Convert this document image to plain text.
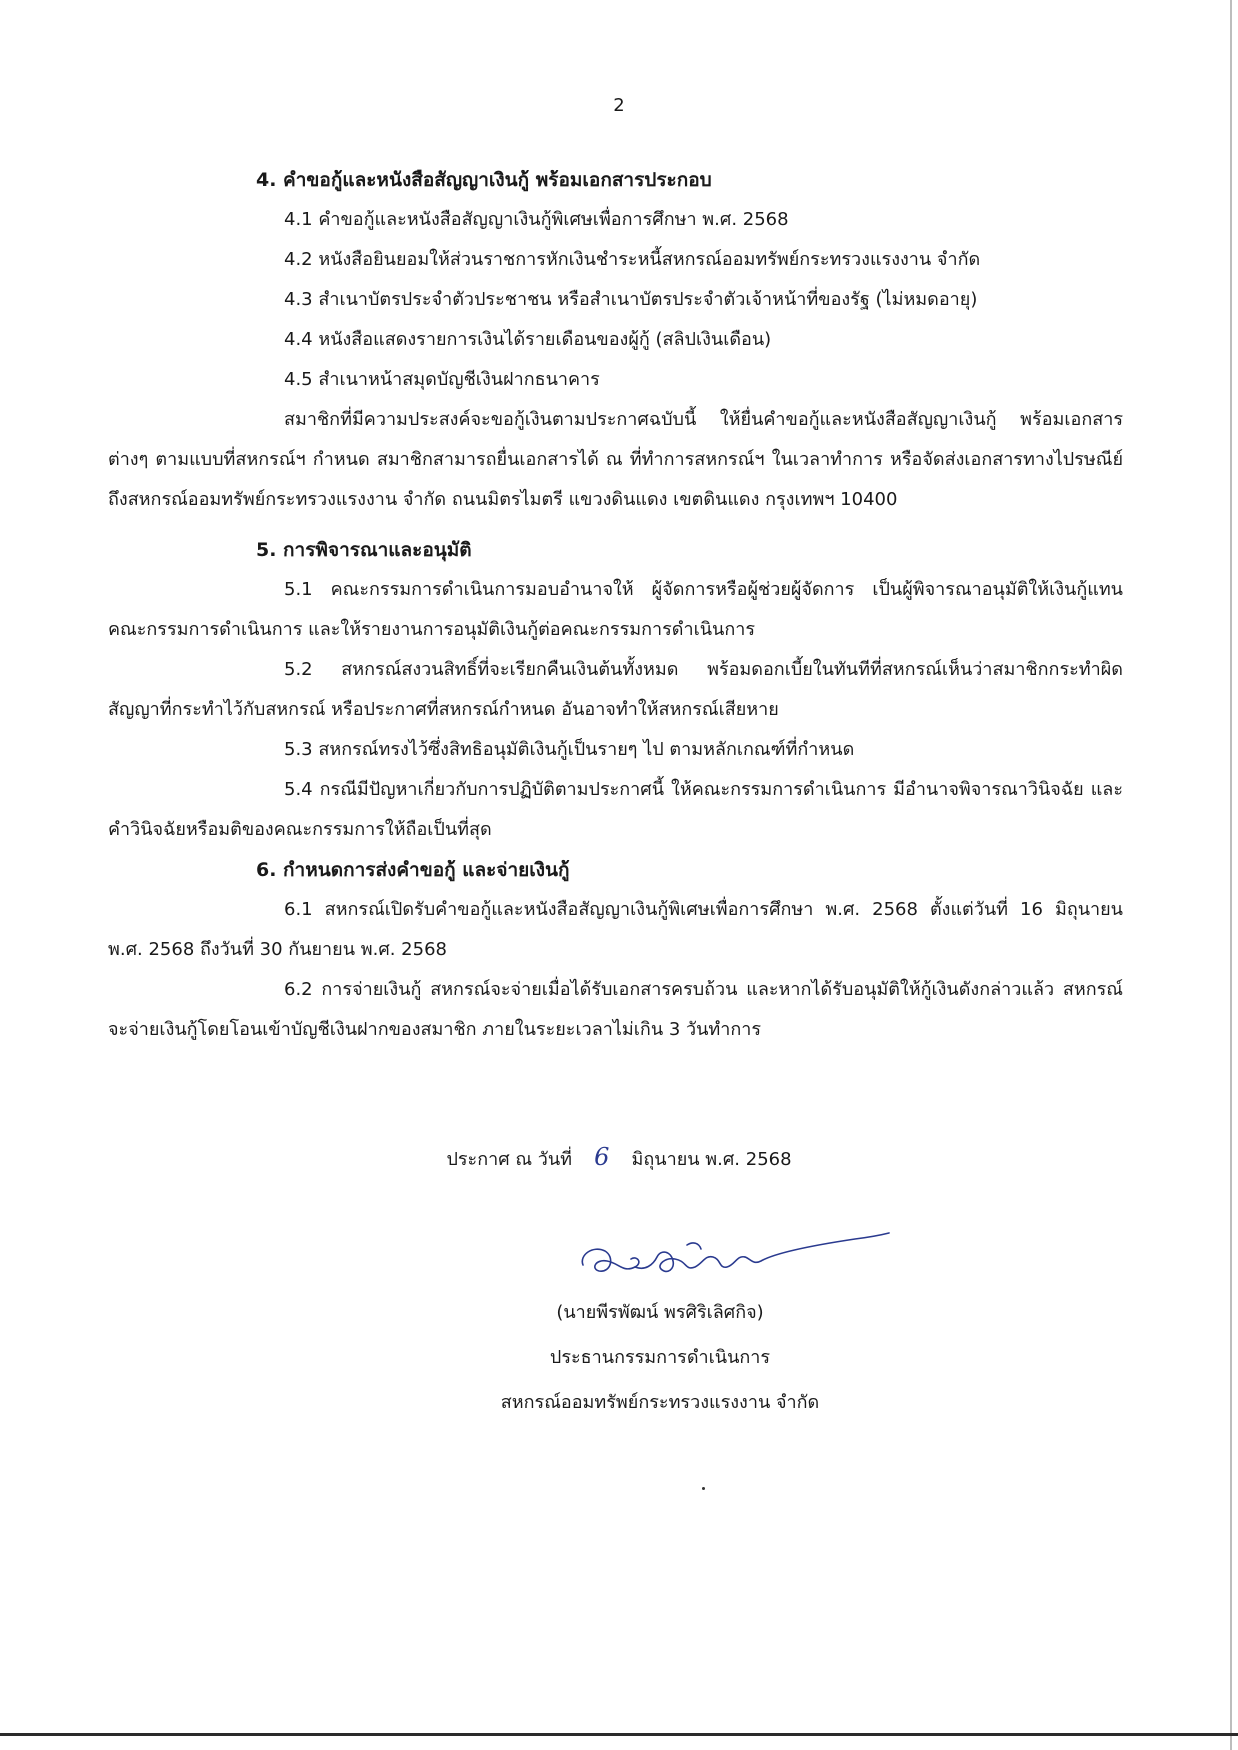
2

4. คำขอกู้และหนังสือสัญญาเงินกู้ พร้อมเอกสารประกอบ

4.1 คำขอกู้และหนังสือสัญญาเงินกู้พิเศษเพื่อการศึกษา พ.ศ. 2568

4.2 หนังสือยินยอมให้ส่วนราชการหักเงินชำระหนี้สหกรณ์ออมทรัพย์กระทรวงแรงงาน จำกัด

4.3 สำเนาบัตรประจำตัวประชาชน หรือสำเนาบัตรประจำตัวเจ้าหน้าที่ของรัฐ (ไม่หมดอายุ)

4.4 หนังสือแสดงรายการเงินได้รายเดือนของผู้กู้ (สลิปเงินเดือน)

4.5 สำเนาหน้าสมุดบัญชีเงินฝากธนาคาร

สมาชิกที่มีความประสงค์จะขอกู้เงินตามประกาศฉบับนี้ ให้ยื่นคำขอกู้และหนังสือสัญญาเงินกู้ พร้อมเอกสารต่างๆ ตามแบบที่สหกรณ์ฯ กำหนด สมาชิกสามารถยื่นเอกสารได้ ณ ที่ทำการสหกรณ์ฯ ในเวลาทำการ หรือจัดส่งเอกสารทางไปรษณีย์ถึงสหกรณ์ออมทรัพย์กระทรวงแรงงาน จำกัด ถนนมิตรไมตรี แขวงดินแดง เขตดินแดง กรุงเทพฯ 10400

5. การพิจารณาและอนุมัติ

5.1 คณะกรรมการดำเนินการมอบอำนาจให้ ผู้จัดการหรือผู้ช่วยผู้จัดการ เป็นผู้พิจารณาอนุมัติให้เงินกู้แทนคณะกรรมการดำเนินการ และให้รายงานการอนุมัติเงินกู้ต่อคณะกรรมการดำเนินการ

5.2 สหกรณ์สงวนสิทธิ์ที่จะเรียกคืนเงินต้นทั้งหมด พร้อมดอกเบี้ยในทันทีที่สหกรณ์เห็นว่าสมาชิกกระทำผิดสัญญาที่กระทำไว้กับสหกรณ์ หรือประกาศที่สหกรณ์กำหนด อันอาจทำให้สหกรณ์เสียหาย

5.3 สหกรณ์ทรงไว้ซึ่งสิทธิอนุมัติเงินกู้เป็นรายๆ ไป ตามหลักเกณฑ์ที่กำหนด

5.4 กรณีมีปัญหาเกี่ยวกับการปฏิบัติตามประกาศนี้ ให้คณะกรรมการดำเนินการ มีอำนาจพิจารณาวินิจฉัย และคำวินิจฉัยหรือมติของคณะกรรมการให้ถือเป็นที่สุด

6. กำหนดการส่งคำขอกู้ และจ่ายเงินกู้

6.1 สหกรณ์เปิดรับคำขอกู้และหนังสือสัญญาเงินกู้พิเศษเพื่อการศึกษา พ.ศ. 2568 ตั้งแต่วันที่ 16 มิถุนายน พ.ศ. 2568 ถึงวันที่ 30 กันยายน พ.ศ. 2568

6.2 การจ่ายเงินกู้ สหกรณ์จะจ่ายเมื่อได้รับเอกสารครบถ้วน และหากได้รับอนุมัติให้กู้เงินดังกล่าวแล้ว สหกรณ์จะจ่ายเงินกู้โดยโอนเข้าบัญชีเงินฝากของสมาชิก ภายในระยะเวลาไม่เกิน 3 วันทำการ

ประกาศ ณ วันที่ 6 มิถุนายน พ.ศ. 2568

(นายพีรพัฒน์ พรศิริเลิศกิจ)

ประธานกรรมการดำเนินการ

สหกรณ์ออมทรัพย์กระทรวงแรงงาน จำกัด
